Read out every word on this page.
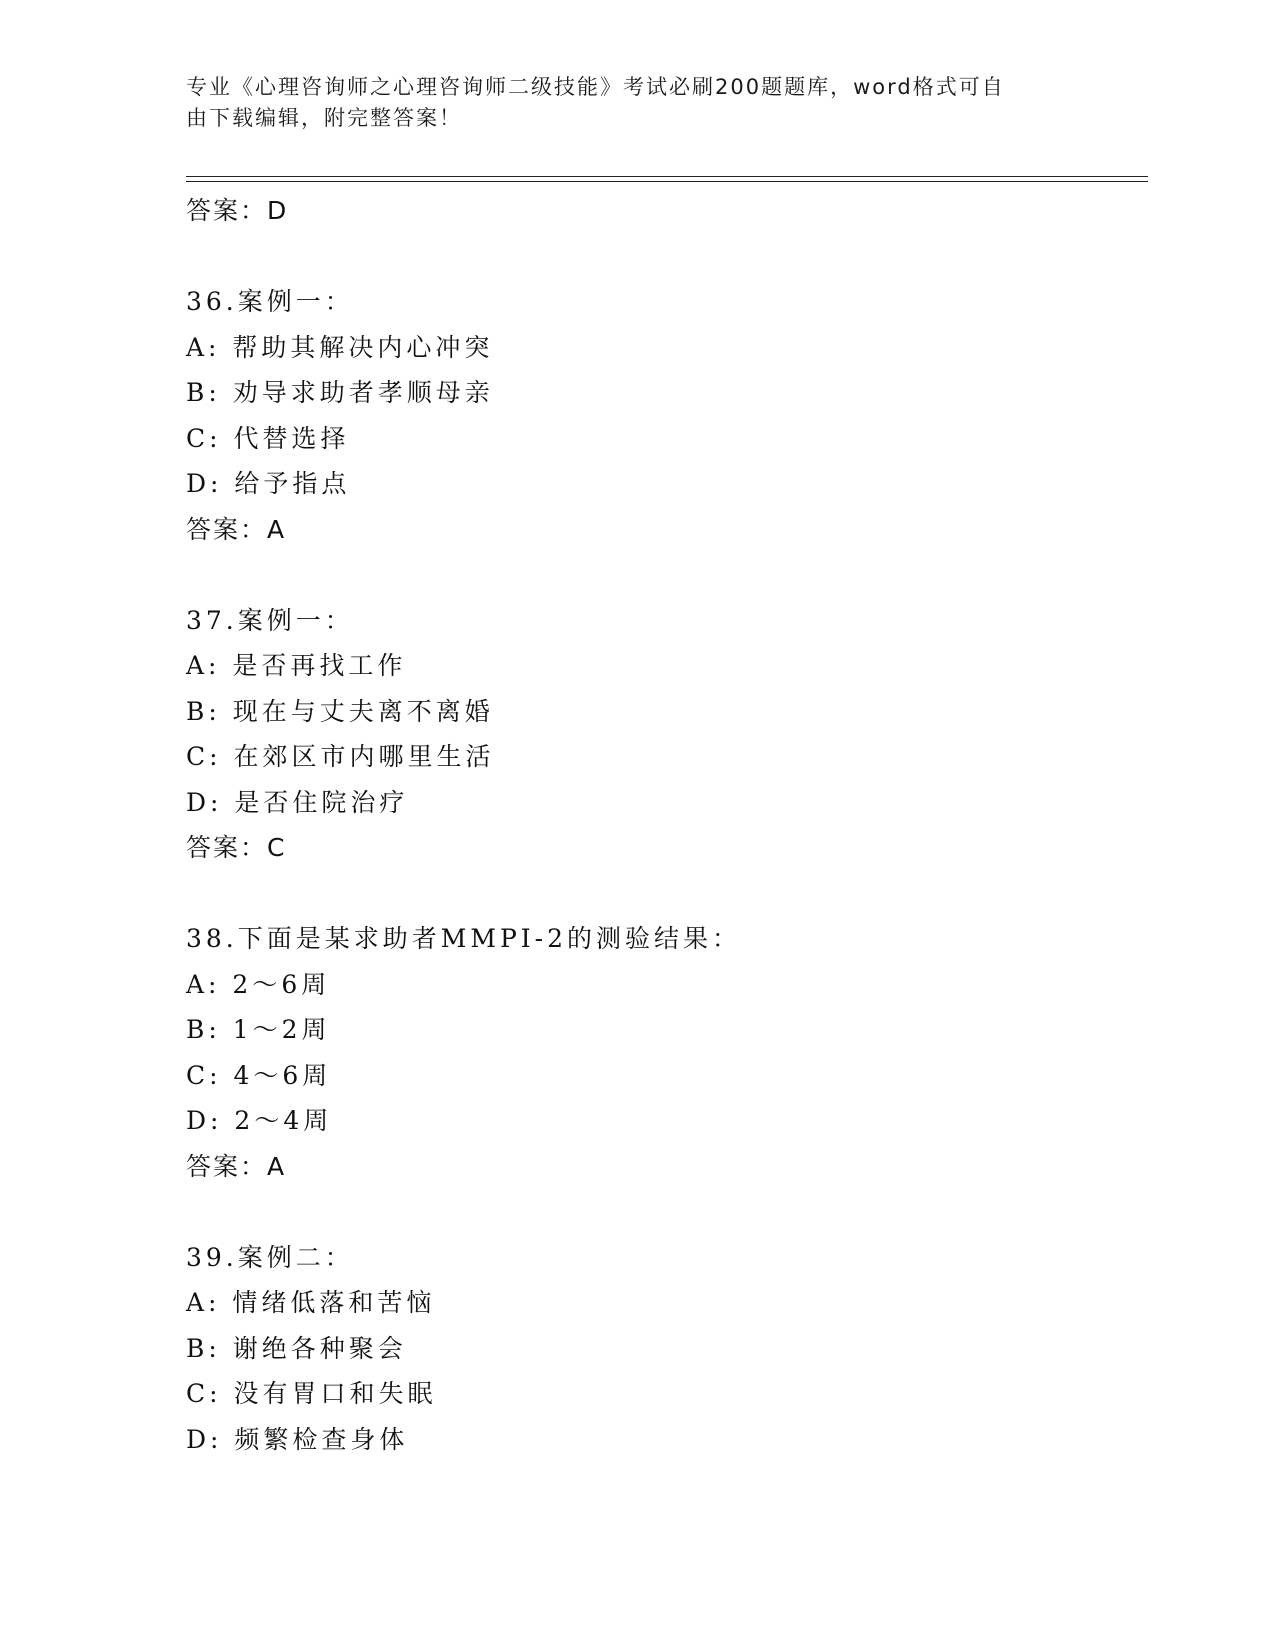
专业《心理咨询师之心理咨询师二级技能》考试必刷200题题库，word格式可自
由下载编辑，附完整答案！
答案：D
36.案例一：
A: 帮助其解决内心冲突
B: 劝导求助者孝顺母亲
C: 代替选择
D: 给予指点
答案：A
37.案例一：
A: 是否再找工作
B: 现在与丈夫离不离婚
C: 在郊区市内哪里生活
D: 是否住院治疗
答案：C
38.下面是某求助者MMPI-2的测验结果：
A: 2～6周
B: 1～2周
C: 4～6周
D: 2～4周
答案：A
39.案例二：
A: 情绪低落和苦恼
B: 谢绝各种聚会
C: 没有胃口和失眠
D: 频繁检查身体
